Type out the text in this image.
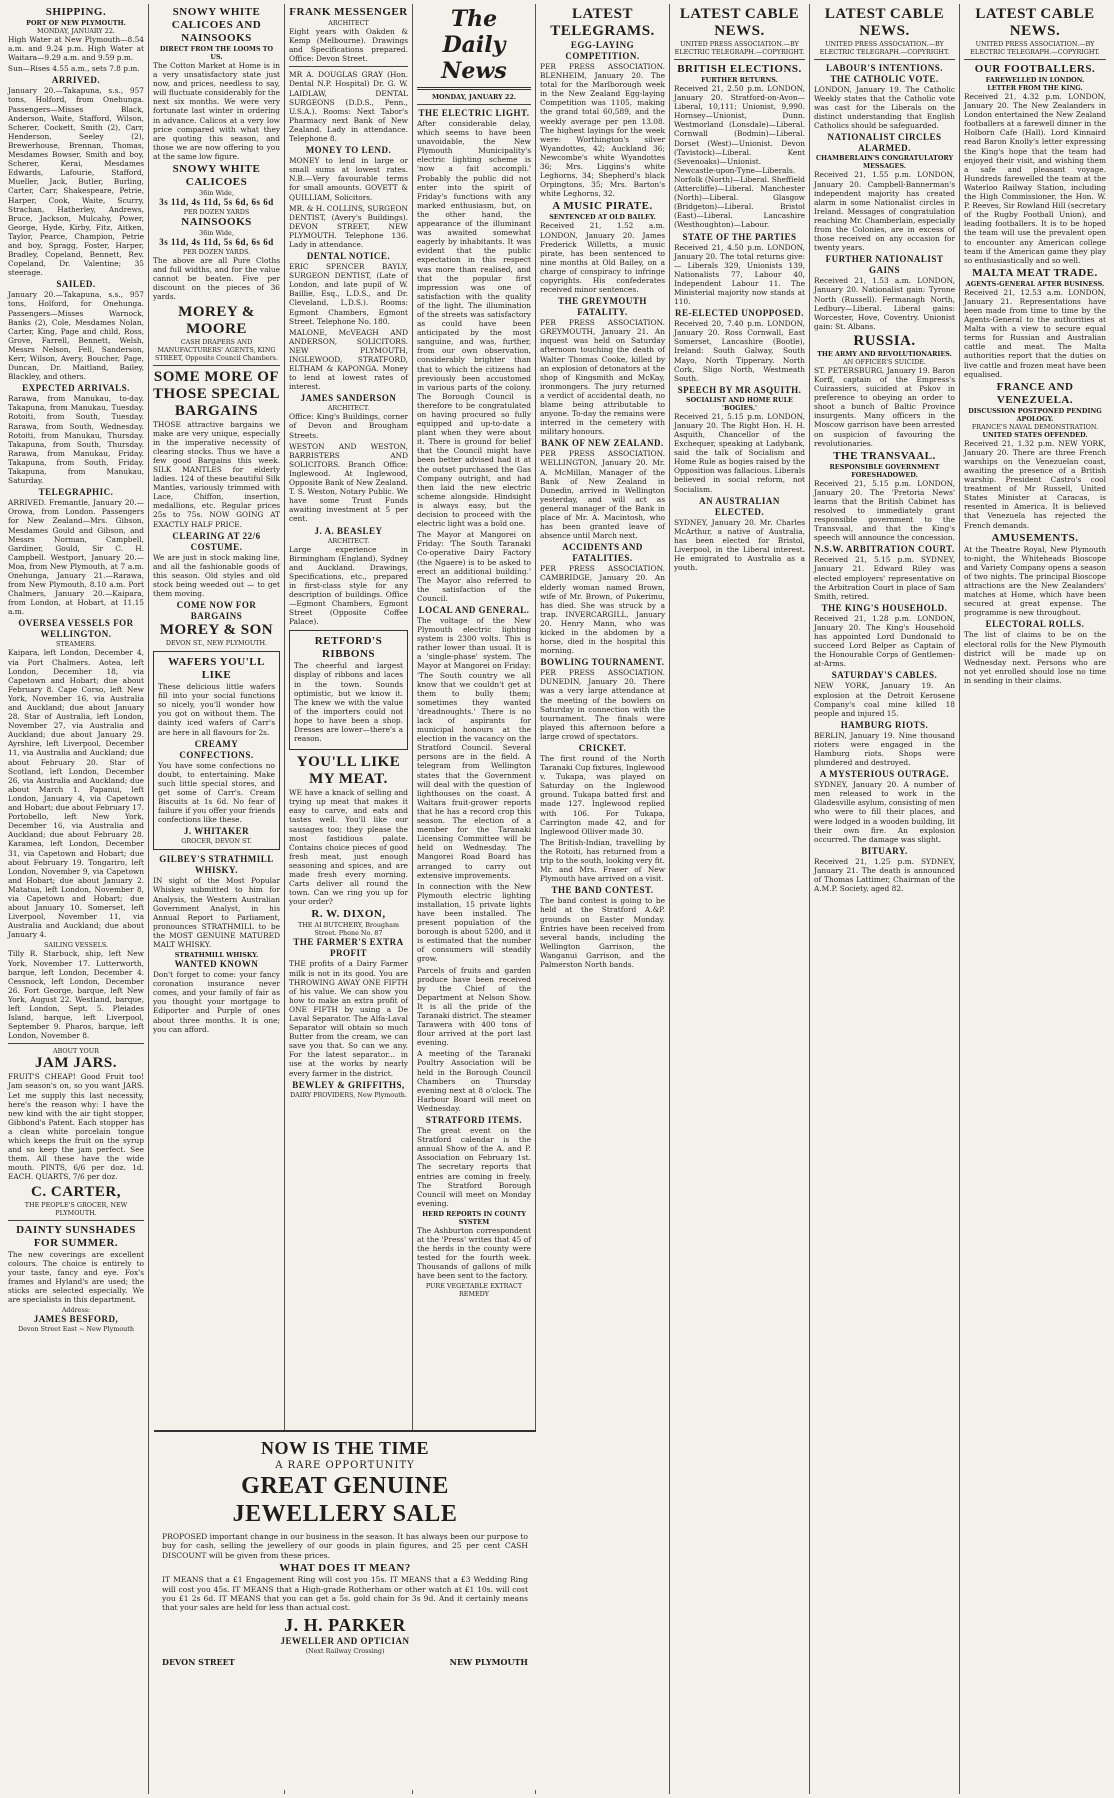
SHIPPING.
PORT OF NEW PLYMOUTH.
MONDAY, JANUARY 22.
High Water at New Plymouth—8.54 a.m. and 9.24 p.m. High Water at Waitara—9.29 a.m. and 9.59 p.m.
Sun—Rises 4.55 a.m., sets 7.8 p.m.
ARRIVED.
January 20.—Takapuna, s.s., 957 tons, Holford, from Onehunga. Passengers—Misses Black, Anderson, Waite, Stafford, Wilson, Scherer, Cockett, Smith (2), Carr, Henderson, Seeley (2), Brewerhouse, Brennan, Thomas, Mesdames Bowser, Smith and boy, Scherer, Kerai, Mesdames Edwards, Lafourie, Stafford, Mueller, Jack, Butler, Burling, Carter, Carr, Shakespeare, Petrie, Harper, Cook, Waite, Scurry, Strachan, Hatherley, Andrews, Bruce, Jackson, Mulcahy, Power, George, Hyde, Kirby, Fitz, Aitken, Taylor, Pearce, Champion, Petrie and boy, Spragg, Foster, Harper, Bradley, Copeland, Bennett, Rev. Copeland, Dr. Valentine; 35 steerage.
SAILED.
January 20.—Takapuna, s.s., 957 tons, Holford, for Onehunga. Passengers—Misses Warnock, Banks (2), Cole, Mesdames Nolan, Carter, King, Page and child, Ross, Grove, Farrell, Bennett, Welsh, Messrs Nelson, Fell, Sanderson, Kerr, Wilson, Avery, Boucher, Page, Duncan, Dr. Maitland, Bailey, Blackley, and others.
EXPECTED ARRIVALS.
Rarawa, from Manukau, to-day. Takapuna, from Manukau, Tuesday. Rotoiti, from South, Tuesday. Rarawa, from South, Wednesday. Rotoiti, from Manukau, Thursday. Takapuna, from South, Thursday. Rarawa, from Manukau, Friday. Takapuna, from South, Friday. Takapuna, from Manukau, Saturday.
TELEGRAPHIC.
ARRIVED. Fremantle, January 20.—Orowa, from London. Passengers for New Zealand—Mrs. Gibson, Mesdames Gould and Gibson, and Messrs Norman, Campbell, Gardiner, Gould, Sir C. H. Campbell. Westport, January 20.—Moa, from New Plymouth, at 7 a.m. Onehunga, January 21.—Rarawa, from New Plymouth, 8.10 a.m. Port Chalmers, January 20.—Kaipara, from London, at Hobart, at 11.15 a.m.
OVERSEA VESSELS FOR WELLINGTON.
STEAMERS.
Kaipara, left London, December 4, via Port Chalmers. Aotea, left London, December 18, via Capetown and Hobart; due about February 8. Cape Corso, left New York, November 16, via Australia and Auckland; due about January 28. Star of Australia, left London, November 27, via Australia and Auckland; due about January 29. Ayrshire, left Liverpool, December 11, via Australia and Auckland; due about February 20. Star of Scotland, left London, December 26, via Australia and Auckland; due about March 1. Papanui, left London, January 4, via Capetown and Hobart; due about February 17. Portobello, left New York, December 16, via Australia and Auckland; due about February 28. Karamea, left London, December 31, via Capetown and Hobart; due about February 19. Tongariro, left London, November 9, via Capetown and Hobart; due about January 2. Matatua, left London, November 8, via Capetown and Hobart; due about January 10. Somerset, left Liverpool, November 11, via Australia and Auckland; due about January 4.
SAILING VESSELS.
Tilly R. Starbuck, ship, left New York, November 17. Lutterworth, barque, left London, December 4. Cessnock, left London, December 26. Fort George, barque, left New York, August 22. Westland, barque, left London, Sept. 5. Pleiades Island, barque, left Liverpool, September 9. Pharos, barque, left London, November 8.
ABOUT YOUR
JAM JARS.
FRUIT'S CHEAP! Good Fruit too! Jam season's on, so you want JARS. Let me supply this last necessity, here's the reason why: I have the new kind with the air tight stopper, Gibbond's Patent. Each stopper has a clean white porcelain tongue which keeps the fruit on the syrup and so keep the jam perfect. See them. All these have the wide mouth. PINTS, 6/6 per doz. 1d. EACH. QUARTS, 7/6 per doz.
C. CARTER,
THE PEOPLE'S GROCER, NEW PLYMOUTH.
DAINTY SUNSHADES FOR SUMMER.
The new coverings are excellent colours. The choice is entirely to your taste, fancy and eye. Fox's frames and Hyland's are used; the sticks are selected especially. We are specialists in this department.
Address:
JAMES BESFORD,
Devon Street East ~ New Plymouth
SNOWY WHITE CALICOES AND NAINSOOKS
DIRECT FROM THE LOOMS TO US.
The Cotton Market at Home is in a very unsatisfactory state just now, and prices, needless to say, will fluctuate considerably for the next six months. We were very fortunate last winter in ordering in advance. Calicos at a very low price compared with what they are quoting this season, and those we are now offering to you at the same low figure.
SNOWY WHITE CALICOES
36in Wide,
3s 11d, 4s 11d, 5s 6d, 6s 6d
PER DOZEN YARDS
NAINSOOKS
36in Wide,
3s 11d, 4s 11d, 5s 6d, 6s 6d
PER DOZEN YARDS.
The above are all Pure Cloths and full widths, and for the value cannot be beaten. Five per discount on the pieces of 36 yards.
MOREY & MOORE
CASH DRAPERS AND MANUFACTURERS' AGENTS, KING STREET, Opposite Council Chambers.
SOME MORE OF THOSE SPECIAL BARGAINS
THOSE attractive bargains we make are very unique, especially in the imperative necessity of clearing stocks. Thus we have a few good Bargains this week. SILK MANTLES for elderly ladies. 124 of these beautiful Silk Mantles, variously trimmed with Lace, Chiffon, insertion, medallions, etc. Regular prices 25s to 75s. NOW GOING AT EXACTLY HALF PRICE.
CLEARING AT 22/6 COSTUME.
We are just in stock making line, and all the fashionable goods of this season. Old styles and old stock being weeded out — to get them moving.
COME NOW FOR BARGAINS
MOREY & SON
DEVON ST., NEW PLYMOUTH.
WAFERS YOU'LL LIKE
These delicious little wafers fill into your social functions so nicely, you'll wonder how you got on without them. The dainty iced wafers of Carr's are here in all flavours for 2s.
CREAMY CONFECTIONS.
You have some confections no doubt, to entertaining. Make such little special stores, and get some of Carr's. Cream Biscuits at 1s 6d. No fear of failure if you offer your friends confections like these.
J. WHITAKER
GROCER, DEVON ST.
GILBEY'S STRATHMILL WHISKY.
IN sight of the Most Popular Whiskey submitted to him for Analysis, the Western Australian Government Analyst, in his Annual Report to Parliament, pronounces STRATHMILL to be the MOST GENUINE MATURED MALT WHISKY.
STRATHMILL WHISKY.
WANTED KNOWN
Don't forget to come: your fancy coronation insurance never comes, and your family of fair as you thought your mortgage to Ediporter and Purple of ones about three months. It is one; you can afford.
FRANK MESSENGER
ARCHITECT
Eight years with Oakden & Kemp (Melbourne). Drawings and Specifications prepared. Office: Devon Street.
MR A. DOUGLAS GRAY (Hon. Dental N.P. Hospital) Dr. G. W. LAIDLAW, DENTAL SURGEONS (D.D.S., Penn., U.S.A.). Rooms: Next Tabor's Pharmacy next Bank of New Zealand. Lady in attendance. Telephone 8.
MONEY TO LEND.
MONEY to lend in large or small sums at lowest rates. N.B.—Very favourable terms for small amounts. GOVETT & QUILLIAM, Solicitors.
MR. & H. COLLINS, SURGEON DENTIST, (Avery's Buildings). DEVON STREET, NEW PLYMOUTH. Telephone 136. Lady in attendance.
DENTAL NOTICE.
ERIC SPENCER BAYLY, SURGEON DENTIST, (Late of London, and late pupil of W. Baillie, Esq., L.D.S., and Dr. Cleveland, L.D.S.). Rooms: Egmont Chambers, Egmont Street. Telephone No. 180.
MALONE, McVEAGH AND ANDERSON, SOLICITORS. NEW PLYMOUTH, INGLEWOOD, STRATFORD, ELTHAM & KAPONGA. Money to lend at lowest rates of interest.
JAMES SANDERSON
ARCHITECT.
Office: King's Buildings, corner of Devon and Brougham Streets.
WESTON AND WESTON, BARRISTERS AND SOLICITORS. Branch Office: Inglewood. At Inglewood, Opposite Bank of New Zealand. T. S. Weston, Notary Public. We have some Trust Funds awaiting investment at 5 per cent.
J. A. BEASLEY
ARCHITECT.
Large experience in Birmingham (England), Sydney and Auckland. Drawings, Specifications, etc., prepared in first-class style for any description of buildings. Office—Egmont Chambers, Egmont Street (Opposite Coffee Palace).
RETFORD'S RIBBONS
The cheerful and largest display of ribbons and laces in the town. Sounds optimistic, but we know it. The knew we with the value of the importers could not hope to have been a shop. Dresses are lower—there's a reason.
YOU'LL LIKE MY MEAT.
WE have a knack of selling and trying up meat that makes it easy to carve, and eats and tastes well. You'll like our sausages too; they please the most fastidious palate. Contains choice pieces of good fresh meat, just enough seasoning and spices, and are made fresh every morning. Carts deliver all round the town. Can we ring you up for your order?
R. W. DIXON,
THE AI BUTCHERY, Brougham Street. Phone No. 87
THE FARMER'S EXTRA PROFIT
THE profits of a Dairy Farmer milk is not in its good. You are THROWING AWAY ONE FIFTH of his value. We can show you how to make an extra profit of ONE FIFTH by using a De Laval Separator. The Alfa-Laval Separator will obtain so much Butter from the cream, we can save you that. So can we any. For the latest separator... in use at the works by nearly every farmer in the district.
BEWLEY & GRIFFITHS,
DAIRY PROVIDERS, New Plymouth.
The Daily News
MONDAY, JANUARY 22.
THE ELECTRIC LIGHT.
After considerable delay, which seems to have been unavoidable, the New Plymouth Municipality's electric lighting scheme is 'now a fait accompli.' Probably the public did not enter into the spirit of Friday's functions with any marked enthusiasm, but, on the other hand, the appearance of the illuminant was awaited somewhat eagerly by inhabitants. It was evident that the public expectation in this respect was more than realised, and that the popular first impression was one of satisfaction with the quality of the light. The illumination of the streets was satisfactory as could have been anticipated by the most sanguine, and was, further, from our own observation, considerably brighter than that to which the citizens had previously been accustomed in various parts of the colony. The Borough Council is therefore to be congratulated on having procured so fully equipped and up-to-date a plant when they were about it. There is ground for belief that the Council might have been better advised had it at the outset purchased the Gas Company outright, and had then laid the new electric scheme alongside. Hindsight is always easy, but the decision to proceed with the electric light was a bold one.
The Mayor at Mangorei on Friday: 'The South Taranaki Co-operative Dairy Factory (the Ngaere) is to be asked to erect an additional building.' The Mayor also referred to the satisfaction of the Council.
LOCAL AND GENERAL.
The voltage of the New Plymouth electric lighting system is 2300 volts. This is rather lower than usual. It is a 'single-phase' system. The Mayor at Mangorei on Friday: 'The South country we all know that we couldn't get at them to bully them; sometimes they wanted 'dreadnoughts.' There is no lack of aspirants for municipal honours at the election in the vacancy on the Stratford Council. Several persons are in the field. A telegram from Wellington states that the Government will deal with the question of lighthouses on the coast. A Waitara fruit-grower reports that he has a record crop this season. The election of a member for the Taranaki Licensing Committee will be held on Wednesday. The Mangorei Road Board has arranged to carry out extensive improvements.
In connection with the New Plymouth electric lighting installation, 15 private lights have been installed. The present population of the borough is about 5200, and it is estimated that the number of consumers will steadily grow.
Parcels of fruits and garden produce have been received by the Chief of the Department at Nelson Show. It is all the pride of the Taranaki district. The steamer Tarawera with 400 tons of flour arrived at the port last evening.
A meeting of the Taranaki Poultry Association will be held in the Borough Council Chambers on Thursday evening next at 8 o'clock. The Harbour Board will meet on Wednesday.
STRATFORD ITEMS.
The great event on the Stratford calendar is the annual Show of the A. and P. Association on February 1st. The secretary reports that entries are coming in freely. The Stratford Borough Council will meet on Monday evening.
HERD REPORTS IN COUNTY SYSTEM
The Ashburton correspondent at the 'Press' writes that 45 of the herds in the county were tested for the fourth week. Thousands of gallons of milk have been sent to the factory.
PURE VEGETABLE EXTRACT REMEDY
LATEST TELEGRAMS.
EGG-LAYING COMPETITION.
PER PRESS ASSOCIATION. BLENHEIM, January 20. The total for the Marlborough week in the New Zealand Egg-laying Competition was 1105, making the grand total 60,589, and the weekly average per pen 13.08. The highest layings for the week were: Worthington's silver Wyandottes, 42; Auckland 36; Newcombe's white Wyandottes 36; Mrs. Liggins's white Leghorns, 34; Shepherd's black Orpingtons, 35; Mrs. Barton's white Leghorns, 32.
A MUSIC PIRATE.
SENTENCED AT OLD BAILEY.
Received 21, 1.52 a.m. LONDON, January 20. James Frederick Willetts, a music pirate, has been sentenced to nine months at Old Bailey, on a charge of conspiracy to infringe copyrights. His confederates received minor sentences.
THE GREYMOUTH FATALITY.
PER PRESS ASSOCIATION. GREYMOUTH, January 21. An inquest was held on Saturday afternoon touching the death of Walter Thomas Cooke, killed by an explosion of detonators at the shop of Kingsmith and McKay, ironmongers. The jury returned a verdict of accidental death, no blame being attributable to anyone. To-day the remains were interred in the cemetery with military honours.
BANK OF NEW ZEALAND.
PER PRESS ASSOCIATION. WELLINGTON, January 20. Mr. A. McMillan, Manager of the Bank of New Zealand in Dunedin, arrived in Wellington yesterday, and will act as general manager of the Bank in place of Mr. A. Macintosh, who has been granted leave of absence until March next.
ACCIDENTS AND FATALITIES.
PER PRESS ASSOCIATION. CAMBRIDGE, January 20. An elderly woman named Brown, wife of Mr. Brown, of Pukerimu, has died. She was struck by a trap. INVERCARGILL, January 20. Henry Mann, who was kicked in the abdomen by a horse, died in the hospital this morning.
BOWLING TOURNAMENT.
PER PRESS ASSOCIATION. DUNEDIN, January 20. There was a very large attendance at the meeting of the bowlers on Saturday in connection with the tournament. The finals were played this afternoon before a large crowd of spectators.
CRICKET.
The first round of the North Taranaki Cup fixtures, Inglewood v. Tukapa, was played on Saturday on the Inglewood ground. Tukapa batted first and made 127. Inglewood replied with 106. For Tukapa, Carrington made 42, and for Inglewood Olliver made 30.
The British-Indian, travelling by the Rotoiti, has returned from a trip to the south, looking very fit. Mr. and Mrs. Fraser of New Plymouth have arrived on a visit.
THE BAND CONTEST.
The band contest is going to be held at the Stratford A.&P. grounds on Easter Monday. Entries have been received from several bands, including the Wellington Garrison, the Wanganui Garrison, and the Palmerston North bands.
LATEST CABLE NEWS.
UNITED PRESS ASSOCIATION.—BY ELECTRIC TELEGRAPH.—COPYRIGHT.
BRITISH ELECTIONS.
FURTHER RETURNS.
Received 21, 2.50 p.m. LONDON, January 20. Stratford-on-Avon—Liberal, 10,111; Unionist, 9,990. Hornsey—Unionist, Dunn. Westmorland (Lonsdale)—Liberal. Cornwall (Bodmin)—Liberal. Dorset (West)—Unionist. Devon (Tavistock)—Liberal. Kent (Sevenoaks)—Unionist. Newcastle-upon-Tyne—Liberals. Norfolk (North)—Liberal. Sheffield (Attercliffe)—Liberal. Manchester (North)—Liberal. Glasgow (Bridgeton)—Liberal. Bristol (East)—Liberal. Lancashire (Westhoughton)—Labour.
STATE OF THE PARTIES
Received 21, 4.50 p.m. LONDON, January 20. The total returns give:— Liberals 329, Unionists 139, Nationalists 77, Labour 40, Independent Labour 11. The Ministerial majority now stands at 110.
RE-ELECTED UNOPPOSED.
Received 20, 7.40 p.m. LONDON, January 20. Ross Cornwall, East Somerset, Lancashire (Bootle), Ireland: South Galway, South Mayo, North Tipperary. North Cork, Sligo North, Westmeath South.
SPEECH BY MR ASQUITH.
SOCIALIST AND HOME RULE 'BOGIES.'
Received 21, 5.15 p.m. LONDON, January 20. The Right Hon. H. H. Asquith, Chancellor of the Exchequer, speaking at Ladybank, said the talk of Socialism and Home Rule as bogies raised by the Opposition was fallacious. Liberals believed in social reform, not Socialism.
AN AUSTRALIAN ELECTED.
SYDNEY, January 20. Mr. Charles McArthur, a native of Australia, has been elected for Bristol, Liverpool, in the Liberal interest. He emigrated to Australia as a youth.
LATEST CABLE NEWS.
UNITED PRESS ASSOCIATION.—BY ELECTRIC TELEGRAPH.—COPYRIGHT.
LABOUR'S INTENTIONS.
THE CATHOLIC VOTE.
LONDON, January 19. The Catholic Weekly states that the Catholic vote was cast for the Liberals on the distinct understanding that English Catholics should be safeguarded.
NATIONALIST CIRCLES ALARMED.
CHAMBERLAIN'S CONGRATULATORY MESSAGES.
Received 21, 1.55 p.m. LONDON, January 20. Campbell-Bannerman's independent majority has created alarm in some Nationalist circles in Ireland. Messages of congratulation reaching Mr. Chamberlain, especially from the Colonies, are in excess of those received on any occasion for twenty years.
FURTHER NATIONALIST GAINS
Received 21, 1.53 a.m. LONDON, January 20. Nationalist gain: Tyrone North (Russell). Fermanagh North, Ledbury—Liberal. Liberal gains: Worcester, Hove, Coventry. Unionist gain: St. Albans.
RUSSIA.
THE ARMY AND REVOLUTIONARIES.
AN OFFICER'S SUICIDE.
ST. PETERSBURG, January 19. Baron Korff, captain of the Empress's Cuirassiers, suicided at Pskov in preference to obeying an order to shoot a bunch of Baltic Province insurgents. Many officers in the Moscow garrison have been arrested on suspicion of favouring the revolutionaries.
THE TRANSVAAL.
RESPONSIBLE GOVERNMENT FORESHADOWED.
Received 21, 5.15 p.m. LONDON, January 20. The 'Pretoria News' learns that the British Cabinet has resolved to immediately grant responsible government to the Transvaal, and that the King's speech will announce the concession.
N.S.W. ARBITRATION COURT.
Received 21, 5.15 p.m. SYDNEY, January 21. Edward Riley was elected employers' representative on the Arbitration Court in place of Sam Smith, retired.
THE KING'S HOUSEHOLD.
Received 21, 1.28 p.m. LONDON, January 20. The King's Household has appointed Lord Dundonald to succeed Lord Belper as Captain of the Honourable Corps of Gentlemen-at-Arms.
SATURDAY'S CABLES.
NEW YORK, January 19. An explosion at the Detroit Kerosene Company's coal mine killed 18 people and injured 15.
HAMBURG RIOTS.
BERLIN, January 19. Nine thousand rioters were engaged in the Hamburg riots. Shops were plundered and destroyed.
A MYSTERIOUS OUTRAGE.
SYDNEY, January 20. A number of men released to work in the Gladesville asylum, consisting of men who were to fill their places, and were lodged in a wooden building, lit their own fire. An explosion occurred. The damage was slight.
BITUARY.
Received 21, 1.25 p.m. SYDNEY, January 21. The death is announced of Thomas Lattimer, Chairman of the A.M.P. Society, aged 82.
LATEST CABLE NEWS.
UNITED PRESS ASSOCIATION.—BY ELECTRIC TELEGRAPH.—COPYRIGHT.
OUR FOOTBALLERS.
FAREWELLED IN LONDON.
LETTER FROM THE KING.
Received 21, 4.32 p.m. LONDON, January 20. The New Zealanders in London entertained the New Zealand footballers at a farewell dinner in the Holborn Cafe (Hall). Lord Kinnaird read Baron Knolly's letter expressing the King's hope that the team had enjoyed their visit, and wishing them a safe and pleasant voyage. Hundreds farewelled the team at the Waterloo Railway Station, including the High Commissioner, the Hon. W. P. Reeves, Sir Rowland Hill (secretary of the Rugby Football Union), and leading footballers. It is to be hoped the team will use the prevalent open to encounter any American college team if the American game they play so enthusiastically and so well.
MALTA MEAT TRADE.
AGENTS-GENERAL AFTER BUSINESS.
Received 21, 12.53 a.m. LONDON, January 21. Representations have been made from time to time by the Agents-General to the authorities at Malta with a view to secure equal terms for Russian and Australian cattle and meat. The Malta authorities report that the duties on live cattle and frozen meat have been equalised.
FRANCE AND VENEZUELA.
DISCUSSION POSTPONED PENDING APOLOGY.
FRANCE'S NAVAL DEMONSTRATION.
UNITED STATES OFFENDED.
Received 21, 1.32 p.m. NEW YORK, January 20. There are three French warships on the Venezuelan coast, awaiting the presence of a British warship. President Castro's cool treatment of Mr Russell, United States Minister at Caracas, is resented in America. It is believed that Venezuela has rejected the French demands.
AMUSEMENTS.
At the Theatre Royal, New Plymouth to-night, the Whiteheads Bioscope and Variety Company opens a season of two nights. The principal Bioscope attractions are the New Zealanders' matches at Home, which have been secured at great expense. The programme is new throughout.
ELECTORAL ROLLS.
The list of claims to be on the electoral rolls for the New Plymouth district will be made up on Wednesday next. Persons who are not yet enrolled should lose no time in sending in their claims.
NOW IS THE TIME
A RARE OPPORTUNITY
GREAT GENUINE
JEWELLERY SALE
PROPOSED important change in our business in the season. It has always been our purpose to buy for cash, selling the jewellery of our goods in plain figures, and 25 per cent CASH DISCOUNT will be given from these prices.
WHAT DOES IT MEAN?
IT MEANS that a £1 Engagement Ring will cost you 15s. IT MEANS that a £3 Wedding Ring will cost you 45s. IT MEANS that a High-grade Rotherham or other watch at £1 10s. will cost you £1 2s 6d. IT MEANS that you can get a 5s. gold chain for 3s 9d. And it certainly means that your sales are held for less than actual cost.
J. H. PARKER
JEWELLER AND OPTICIAN
(Next Railway Crossing)
DEVON STREET	NEW PLYMOUTH
